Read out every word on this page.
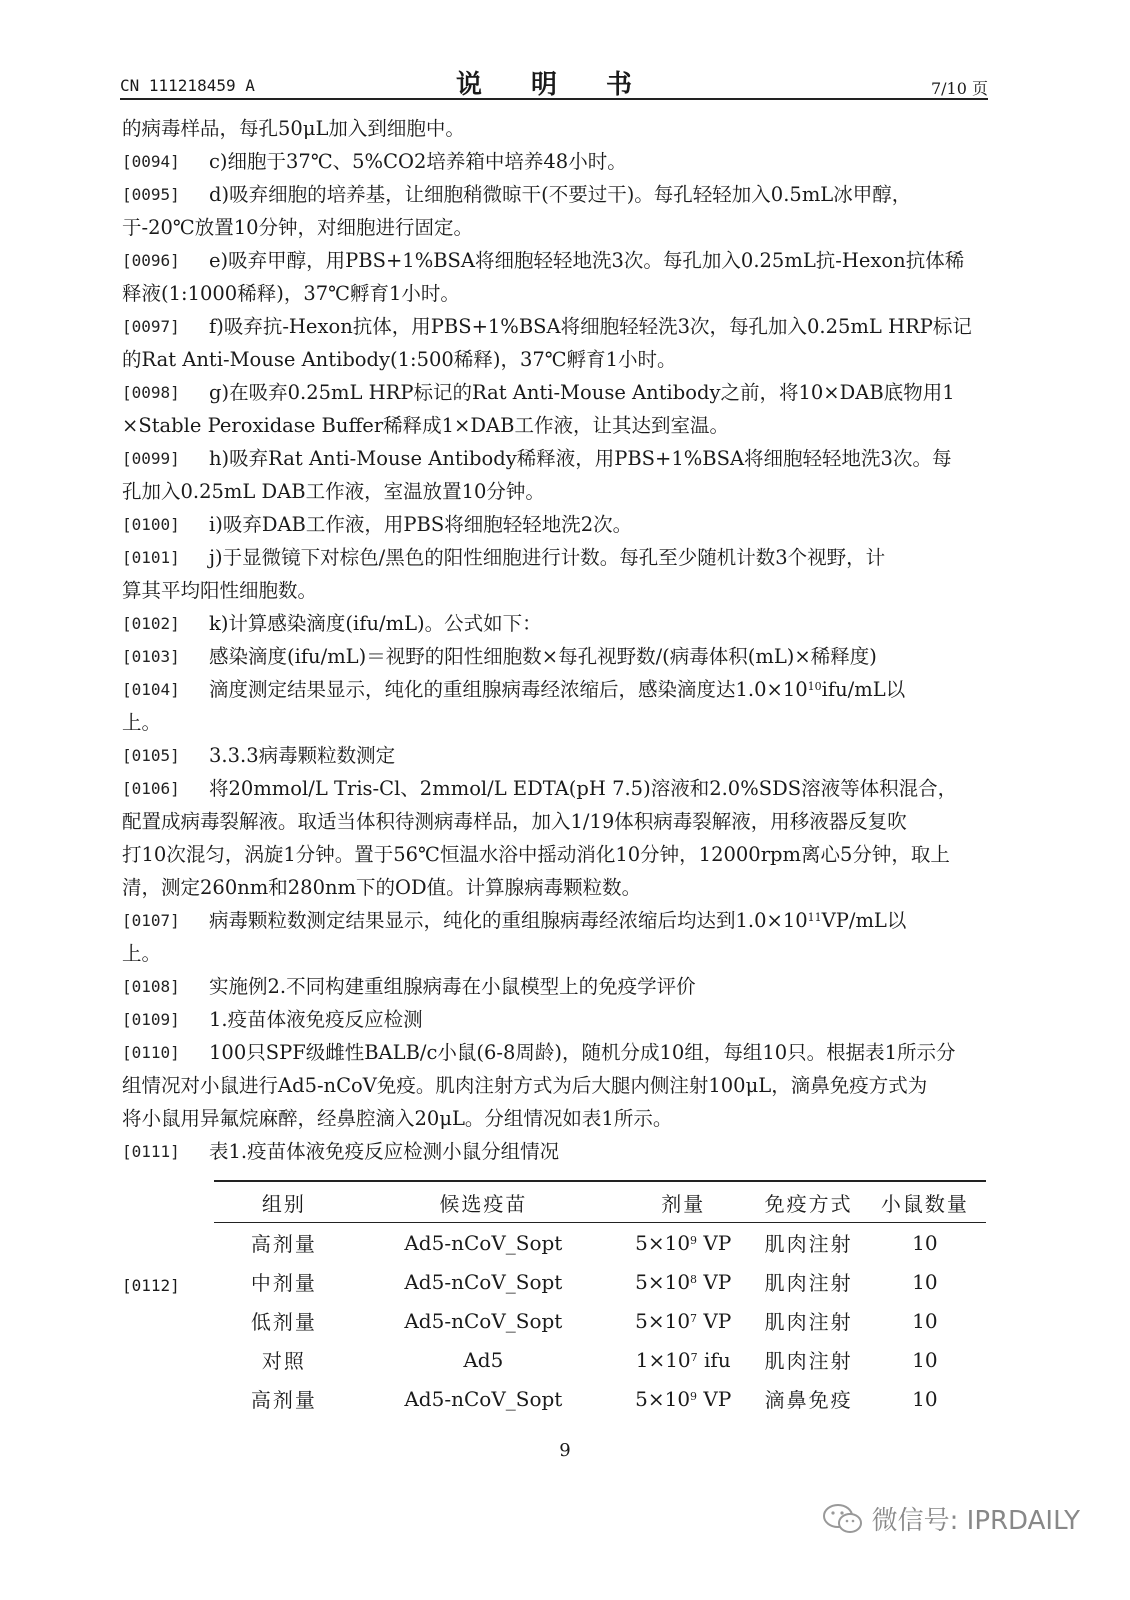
CN 111218459 A	说 明 书	7/10 页
的病毒样品，每孔50μL加入到细胞中。
[0094] c)细胞于37℃、5%CO2培养箱中培养48小时。
[0095] d)吸弃细胞的培养基，让细胞稍微晾干(不要过干)。每孔轻轻加入0.5mL冰甲醇，
于-20℃放置10分钟，对细胞进行固定。
[0096] e)吸弃甲醇，用PBS+1%BSA将细胞轻轻地洗3次。每孔加入0.25mL抗-Hexon抗体稀
释液(1:1000稀释)，37℃孵育1小时。
[0097] f)吸弃抗-Hexon抗体，用PBS+1%BSA将细胞轻轻洗3次，每孔加入0.25mL HRP标记
的Rat Anti-Mouse Antibody(1:500稀释)，37℃孵育1小时。
[0098] g)在吸弃0.25mL HRP标记的Rat Anti-Mouse Antibody之前，将10×DAB底物用1
×Stable Peroxidase Buffer稀释成1×DAB工作液，让其达到室温。
[0099] h)吸弃Rat Anti-Mouse Antibody稀释液，用PBS+1%BSA将细胞轻轻地洗3次。每
孔加入0.25mL DAB工作液，室温放置10分钟。
[0100] i)吸弃DAB工作液，用PBS将细胞轻轻地洗2次。
[0101] j)于显微镜下对棕色/黑色的阳性细胞进行计数。每孔至少随机计数3个视野，计
算其平均阳性细胞数。
[0102] k)计算感染滴度(ifu/mL)。公式如下：
[0103] 感染滴度(ifu/mL)＝视野的阳性细胞数×每孔视野数/(病毒体积(mL)×稀释度)
[0104] 滴度测定结果显示，纯化的重组腺病毒经浓缩后，感染滴度达$1.0\times 10^{10}ifu/mL$以
上。
[0105] 3.3.3病毒颗粒数测定
[0106] 将20mmol/L Tris-Cl、2mmol/L EDTA(pH 7.5)溶液和2.0%SDS溶液等体积混合，
配置成病毒裂解液。取适当体积待测病毒样品，加入1/19体积病毒裂解液，用移液器反复吹
打10次混匀，涡旋1分钟。置于56℃恒温水浴中摇动消化10分钟，12000rpm离心5分钟，取上
清，测定260nm和280nm下的OD值。计算腺病毒颗粒数。
[0107] 病毒颗粒数测定结果显示，纯化的重组腺病毒经浓缩后均达到$1.0\times 10^{11}VP/mL$以
上。
[0108] 实施例2.不同构建重组腺病毒在小鼠模型上的免疫学评价
[0109] 1.疫苗体液免疫反应检测
[0110] 100只SPF级雌性BALB/c小鼠(6-8周龄)，随机分成10组，每组10只。根据表1所示分
组情况对小鼠进行Ad5-nCoV免疫。肌肉注射方式为后大腿内侧注射100μL，滴鼻免疫方式为
将小鼠用异氟烷麻醉，经鼻腔滴入20μL。分组情况如表1所示。
[0111] 表1.疫苗体液免疫反应检测小鼠分组情况
[0112]
组别	候选疫苗	剂量	免疫方式	小鼠数量
高剂量	Ad5-nCoV_Sopt	$5\times 10^9$ VP	肌肉注射	10
中剂量	Ad5-nCoV_Sopt	$5\times 10^8$ VP	肌肉注射	10
低剂量	Ad5-nCoV_Sopt	$5\times 10^7$ VP	肌肉注射	10
对照	Ad5	$1\times 10^7$ ifu	肌肉注射	10
高剂量	Ad5-nCoV_Sopt	$5\times 10^9$ VP	滴鼻免疫	10
9
微信号: IPRDAILY
